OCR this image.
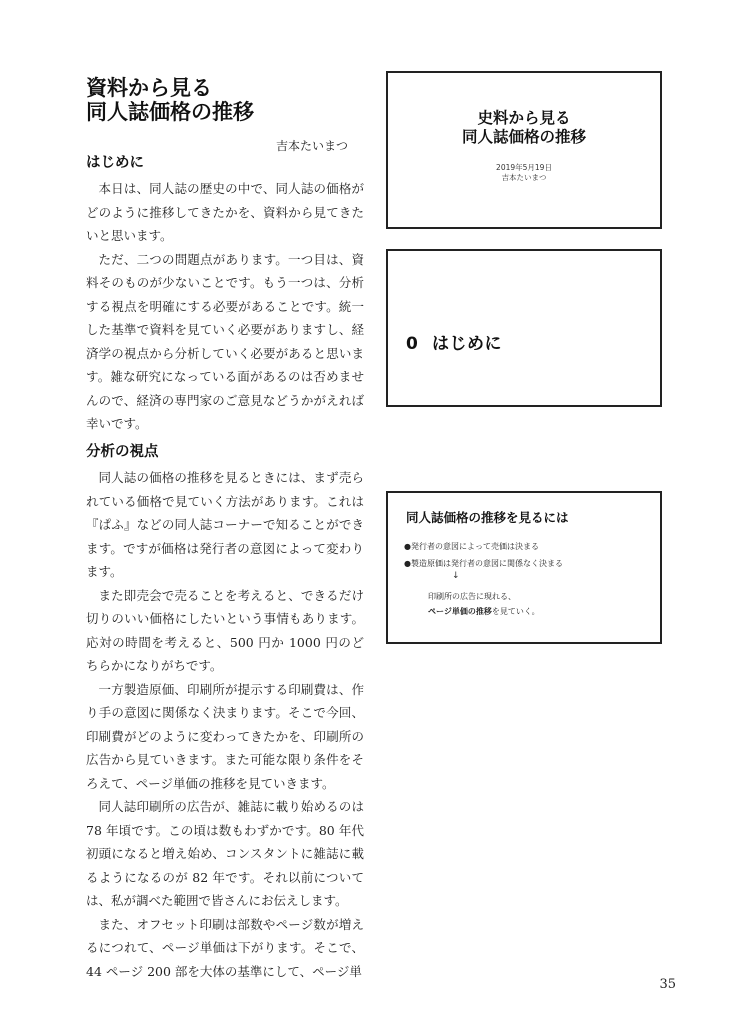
資料から見る
同人誌価格の推移
吉本たいまつ
はじめに

本日は、同人誌の歴史の中で、同人誌の価格がどのように推移してきたかを、資料から見てきたいと思います。

ただ、二つの問題点があります。一つ目は、資料そのものが少ないことです。もう一つは、分析する視点を明確にする必要があることです。統一した基準で資料を見ていく必要がありますし、経済学の視点から分析していく必要があると思います。雑な研究になっている面があるのは否めませんので、経済の専門家のご意見などうかがえれば幸いです。

分析の視点

同人誌の価格の推移を見るときには、まず売られている価格で見ていく方法があります。これは『ぱふ』などの同人誌コーナーで知ることができます。ですが価格は発行者の意図によって変わります。

また即売会で売ることを考えると、できるだけ切りのいい価格にしたいという事情もあります。応対の時間を考えると、500 円か 1000 円のどちらかになりがちです。

一方製造原価、印刷所が提示する印刷費は、作り手の意図に関係なく決まります。そこで今回、印刷費がどのように変わってきたかを、印刷所の広告から見ていきます。また可能な限り条件をそろえて、ページ単価の推移を見ていきます。

同人誌印刷所の広告が、雑誌に載り始めるのは 78 年頃です。この頃は数もわずかです。80 年代初頭になると増え始め、コンスタントに雑誌に載るようになるのが 82 年です。それ以前については、私が調べた範囲で皆さんにお伝えします。

また、オフセット印刷は部数やページ数が増えるにつれて、ページ単価は下がります。そこで、44 ページ 200 部を大体の基準にして、ページ単

史料から見る
同人誌価格の推移
2019年5月19日
吉本たいまつ
0 はじめに
同人誌価格の推移を見るには
●発行者の意図によって売価は決まる
●製造原価は発行者の意図に関係なく決まる
↓
印刷所の広告に現れる、
ページ単価の推移を見ていく。
35
